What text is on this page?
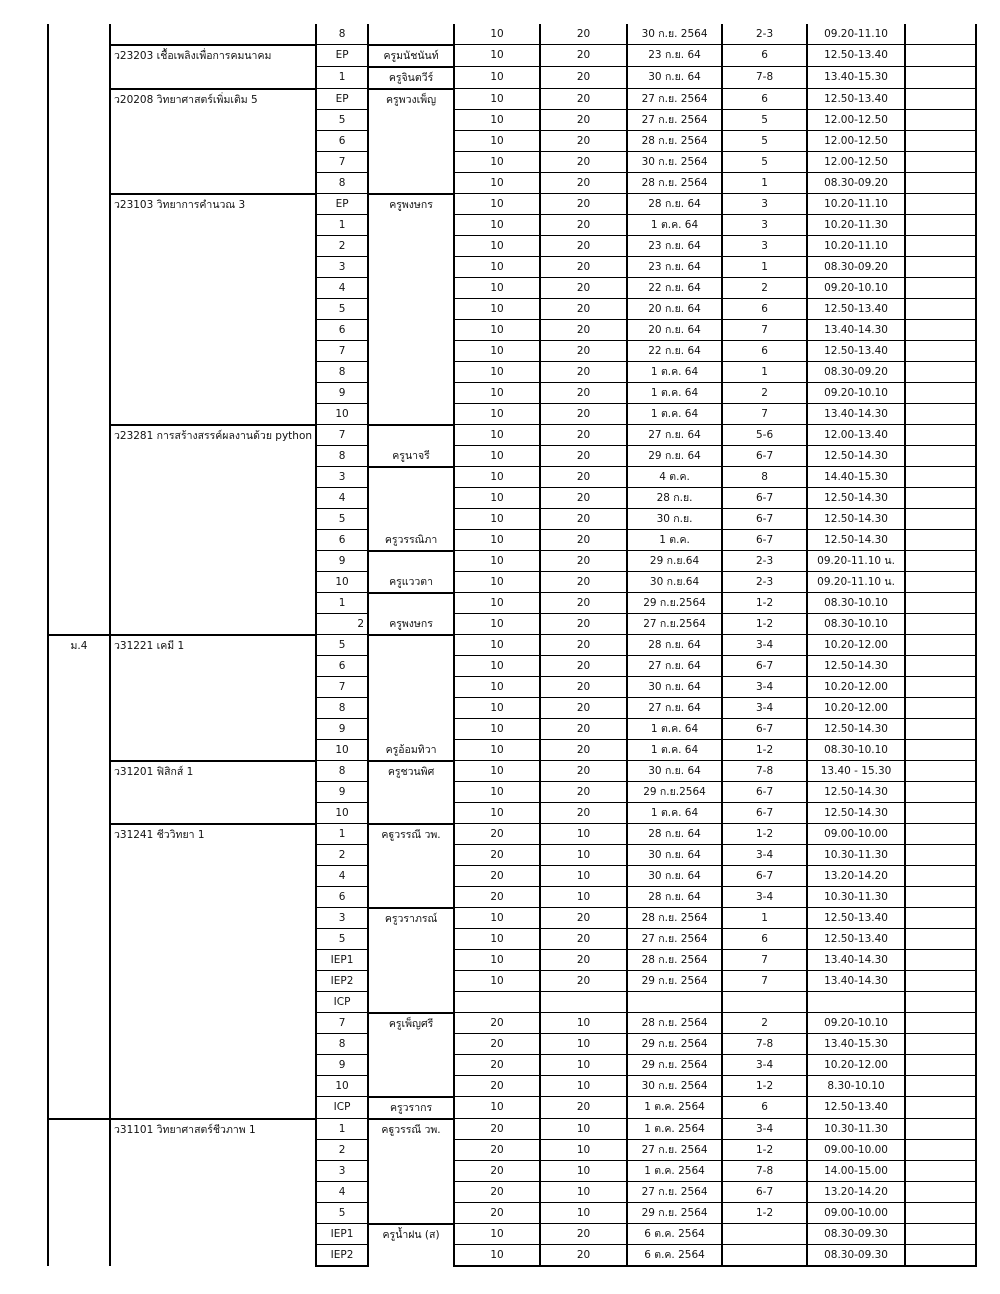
		8		10	20	30 ก.ย. 2564	2-3	09.20-11.10	
	ว23203 เชื้อเพลิงเพื่อการคมนาคม	EP	ครูมนัชนันท์	10	20	23 ก.ย. 64	6	12.50-13.40	
		1	ครูจินตวีร์	10	20	30 ก.ย. 64	7-8	13.40-15.30	
	ว20208 วิทยาศาสตร์เพิ่มเติม 5	EP	ครูพวงเพ็ญ	10	20	27 ก.ย. 2564	6	12.50-13.40	
		5		10	20	27 ก.ย. 2564	5	12.00-12.50	
		6		10	20	28 ก.ย. 2564	5	12.00-12.50	
		7		10	20	30 ก.ย. 2564	5	12.00-12.50	
		8		10	20	28 ก.ย. 2564	1	08.30-09.20	
	ว23103 วิทยาการคำนวณ 3	EP	ครูพงษกร	10	20	28 ก.ย. 64	3	10.20-11.10	
		1		10	20	1 ต.ค. 64	3	10.20-11.30	
		2		10	20	23 ก.ย. 64	3	10.20-11.10	
		3		10	20	23 ก.ย. 64	1	08.30-09.20	
		4		10	20	22 ก.ย. 64	2	09.20-10.10	
		5		10	20	20 ก.ย. 64	6	12.50-13.40	
		6		10	20	20 ก.ย. 64	7	13.40-14.30	
		7		10	20	22 ก.ย. 64	6	12.50-13.40	
		8		10	20	1 ต.ค. 64	1	08.30-09.20	
		9		10	20	1 ต.ค. 64	2	09.20-10.10	
		10		10	20	1 ต.ค. 64	7	13.40-14.30	
	ว23281 การสร้างสรรค์ผลงานด้วย python	7	ครูนาจรี	10	20	27 ก.ย. 64	5-6	12.00-13.40	
		8		10	20	29 ก.ย. 64	6-7	12.50-14.30	
		3	ครูวรรณิภา	10	20	4 ต.ค.	8	14.40-15.30	
		4		10	20	28 ก.ย.	6-7	12.50-14.30	
		5		10	20	30 ก.ย.	6-7	12.50-14.30	
		6		10	20	1 ต.ค.	6-7	12.50-14.30	
		9	ครูแววตา	10	20	29 ก.ย.64	2-3	09.20-11.10 น.	
		10		10	20	30 ก.ย.64	2-3	09.20-11.10 น.	
		1	ครูพงษกร	10	20	29 ก.ย.2564	1-2	08.30-10.10	
		2		10	20	27 ก.ย.2564	1-2	08.30-10.10	
ม.4	ว31221 เคมี 1	5	ครูอ้อมทิวา	10	20	28 ก.ย. 64	3-4	10.20-12.00	
		6		10	20	27 ก.ย. 64	6-7	12.50-14.30	
		7		10	20	30 ก.ย. 64	3-4	10.20-12.00	
		8		10	20	27 ก.ย. 64	3-4	10.20-12.00	
		9		10	20	1 ต.ค. 64	6-7	12.50-14.30	
		10		10	20	1 ต.ค. 64	1-2	08.30-10.10	
	ว31201 ฟิสิกส์ 1	8	ครูชวนพิศ	10	20	30 ก.ย. 64	7-8	13.40 - 15.30	
		9		10	20	29 ก.ย.2564	6-7	12.50-14.30	
		10		10	20	1 ต.ค. 64	6-7	12.50-14.30	
	ว31241 ชีววิทยา 1	1	คฐูวรรณี วพ.	20	10	28 ก.ย. 64	1-2	09.00-10.00	
		2		20	10	30 ก.ย. 64	3-4	10.30-11.30	
		4		20	10	30 ก.ย. 64	6-7	13.20-14.20	
		6		20	10	28 ก.ย. 64	3-4	10.30-11.30	
		3	ครูวราภรณ์	10	20	28 ก.ย. 2564	1	12.50-13.40	
		5		10	20	27 ก.ย. 2564	6	12.50-13.40	
		IEP1		10	20	28 ก.ย. 2564	7	13.40-14.30	
		IEP2		10	20	29 ก.ย. 2564	7	13.40-14.30	
		ICP							
		7	ครูเพ็ญศรี	20	10	28 ก.ย. 2564	2	09.20-10.10	
		8		20	10	29 ก.ย. 2564	7-8	13.40-15.30	
		9		20	10	29 ก.ย. 2564	3-4	10.20-12.00	
		10		20	10	30 ก.ย. 2564	1-2	8.30-10.10	
		ICP	ครูวรากร	10	20	1 ต.ค. 2564	6	12.50-13.40	
	ว31101 วิทยาศาสตร์ชีวภาพ 1	1	คฐูวรรณี วพ.	20	10	1 ต.ค. 2564	3-4	10.30-11.30	
		2		20	10	27 ก.ย. 2564	1-2	09.00-10.00	
		3		20	10	1 ต.ค. 2564	7-8	14.00-15.00	
		4		20	10	27 ก.ย. 2564	6-7	13.20-14.20	
		5		20	10	29 ก.ย. 2564	1-2	09.00-10.00	
		IEP1	ครูน้ำฝน (ส)	10	20	6 ต.ค. 2564		08.30-09.30	
		IEP2		10	20	6 ต.ค. 2564		08.30-09.30	
